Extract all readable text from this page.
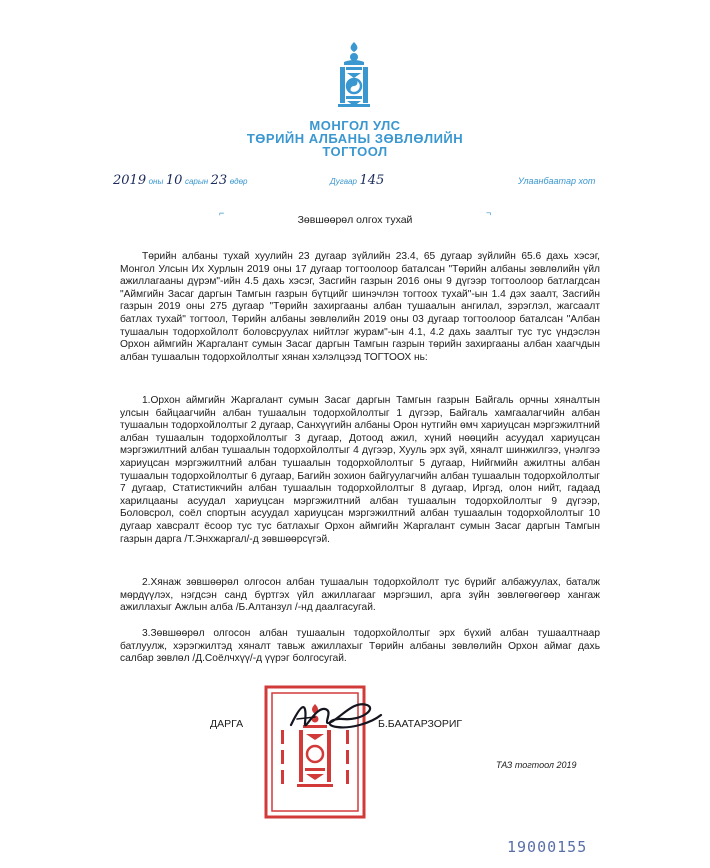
МОНГОЛ УЛС
ТӨРИЙН АЛБАНЫ ЗӨВЛӨЛИЙН
ТОГТООЛ
2019 оны 10 сарын 23 өдөр	Дугаар 145	Улаанбаатар хот
⌐	¬
Зөвшөөрөл олгох тухай
Төрийн албаны тухай хуулийн 23 дугаар зүйлийн 23.4, 65 дугаар зүйлийн 65.6 дахь хэсэг, Монгол Улсын Их Хурлын 2019 оны 17 дугаар тогтоолоор баталсан "Төрийн албаны зөвлөлийн үйл ажиллагааны дүрэм"-ийн 4.5 дахь хэсэг, Засгийн газрын 2016 оны 9 дүгээр тогтоолоор батлагдсан "Аймгийн Засаг даргын Тамгын газрын бүтцийг шинэчлэн тогтоох тухай"-ын 1.4 дэх заалт, Засгийн газрын 2019 оны 275 дугаар "Төрийн захиргааны албан тушаалын ангилал, зэрэглэл, жагсаалт батлах тухай" тогтоол, Төрийн албаны зөвлөлийн 2019 оны 03 дугаар тогтоолоор баталсан "Албан тушаалын тодорхойлолт боловсруулах нийтлэг журам"-ын 4.1, 4.2 дахь заалтыг тус тус үндэслэн Орхон аймгийн Жаргалант сумын Засаг даргын Тамгын газрын төрийн захиргааны албан хаагчдын албан тушаалын тодорхойлолтыг хянан хэлэлцээд ТОГТООХ нь:
1.Орхон аймгийн Жаргалант сумын Засаг даргын Тамгын газрын Байгаль орчны хяналтын улсын байцаагчийн албан тушаалын тодорхойлолтыг 1 дүгээр, Байгаль хамгаалагчийн албан тушаалын тодорхойлолтыг 2 дугаар, Санхүүгийн албаны Орон нутгийн өмч хариуцсан мэргэжилтний албан тушаалын тодорхойлолтыг 3 дугаар, Дотоод ажил, хүний нөөцийн асуудал хариуцсан мэргэжилтний албан тушаалын тодорхойлолтыг 4 дүгээр, Хууль эрх зүй, хяналт шинжилгээ, үнэлгээ хариуцсан мэргэжилтний албан тушаалын тодорхойлолтыг 5 дугаар, Нийгмийн ажилтны албан тушаалын тодорхойлолтыг 6 дугаар, Багийн зохион байгуулагчийн албан тушаалын тодорхойлолтыг 7 дугаар, Статистикчийн албан тушаалын тодорхойлолтыг 8 дугаар, Иргэд, олон нийт, гадаад харилцааны асуудал хариуцсан мэргэжилтний албан тушаалын тодорхойлолтыг 9 дүгээр, Боловсрол, соёл спортын асуудал хариуцсан мэргэжилтний албан тушаалын тодорхойлолтыг 10 дугаар хавсралт ёсоор тус тус батлахыг Орхон аймгийн Жаргалант сумын Засаг даргын Тамгын газрын дарга /Т.Энхжаргал/-д зөвшөөрсүгэй.
2.Хянаж зөвшөөрөл олгосон албан тушаалын тодорхойлолт тус бүрийг албажуулах, баталж мөрдүүлэх, нэгдсэн санд бүртгэх үйл ажиллагааг мэргэшил, арга зүйн зөвлөгөөгөөр хангаж ажиллахыг Ажлын алба /Б.Алтанзул /-нд даалгасугай.
3.Зөвшөөрөл олгосон албан тушаалын тодорхойлолтыг эрх бүхий албан тушаалтнаар батлуулж, хэрэгжилтэд хяналт тавьж ажиллахыг Төрийн албаны зөвлөлийн Орхон аймаг дахь салбар зөвлөл /Д.Соёлчхүү/-д үүрэг болгосугай.
ДАРГА	Б.БААТАРЗОРИГ
ТАЗ тогтоол 2019
19000155
